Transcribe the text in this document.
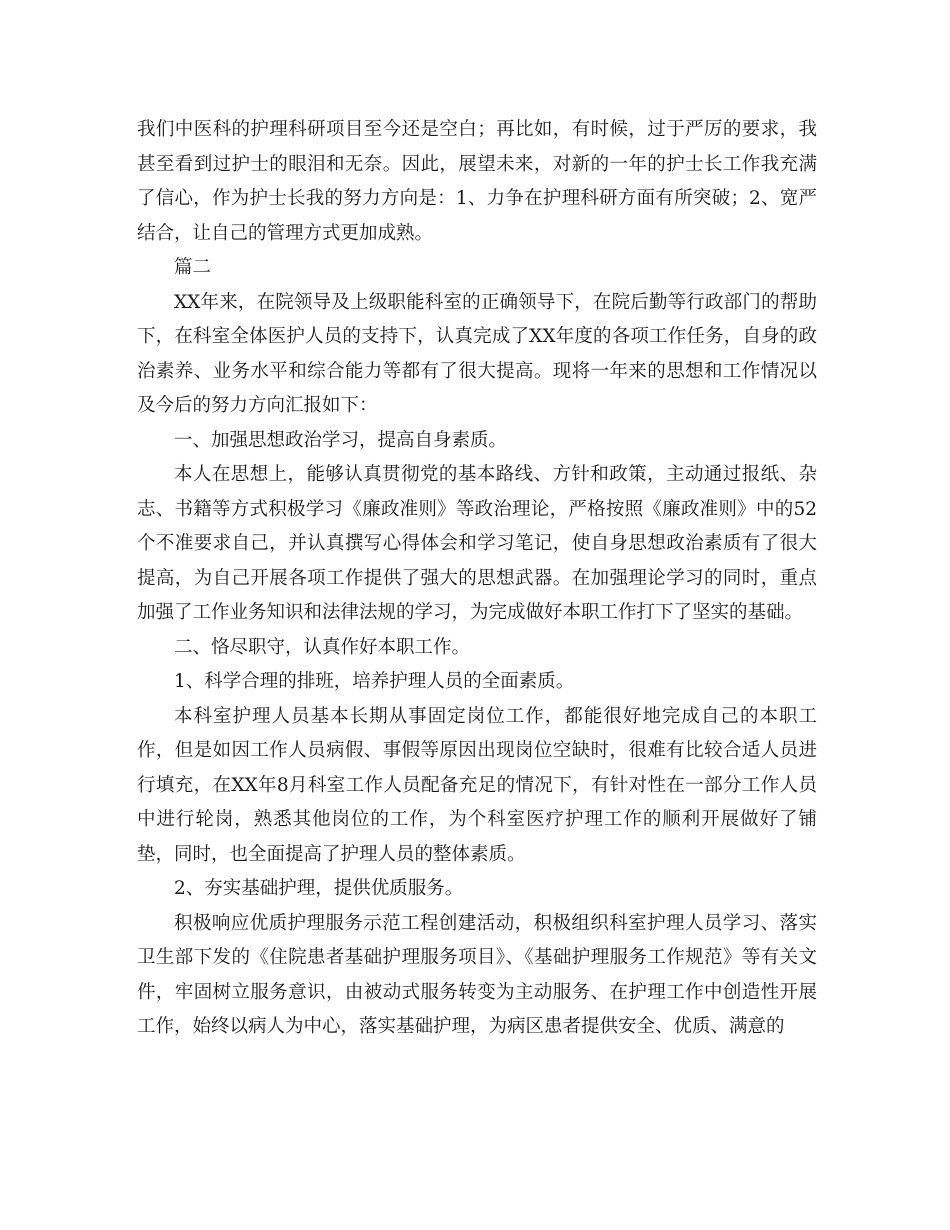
我们中医科的护理科研项目至今还是空白；再比如，有时候，过于严厉的要求，我甚至看到过护士的眼泪和无奈。因此，展望未来，对新的一年的护士长工作我充满了信心，作为护士长我的努力方向是：1、力争在护理科研方面有所突破；2、宽严结合，让自己的管理方式更加成熟。

篇二

XX年来，在院领导及上级职能科室的正确领导下，在院后勤等行政部门的帮助下，在科室全体医护人员的支持下，认真完成了XX年度的各项工作任务，自身的政治素养、业务水平和综合能力等都有了很大提高。现将一年来的思想和工作情况以及今后的努力方向汇报如下：

一、加强思想政治学习，提高自身素质。

本人在思想上，能够认真贯彻党的基本路线、方针和政策，主动通过报纸、杂志、书籍等方式积极学习《廉政准则》等政治理论，严格按照《廉政准则》中的52个不准要求自己，并认真撰写心得体会和学习笔记，使自身思想政治素质有了很大提高，为自己开展各项工作提供了强大的思想武器。在加强理论学习的同时，重点加强了工作业务知识和法律法规的学习，为完成做好本职工作打下了坚实的基础。

二、恪尽职守，认真作好本职工作。

1、科学合理的排班，培养护理人员的全面素质。

本科室护理人员基本长期从事固定岗位工作，都能很好地完成自己的本职工作，但是如因工作人员病假、事假等原因出现岗位空缺时，很难有比较合适人员进行填充，在XX年8月科室工作人员配备充足的情况下，有针对性在一部分工作人员中进行轮岗，熟悉其他岗位的工作，为个科室医疗护理工作的顺利开展做好了铺垫，同时，也全面提高了护理人员的整体素质。

2、夯实基础护理，提供优质服务。

积极响应优质护理服务示范工程创建活动，积极组织科室护理人员学习、落实卫生部下发的《住院患者基础护理服务项目》、《基础护理服务工作规范》等有关文件，牢固树立服务意识，由被动式服务转变为主动服务、在护理工作中创造性开展工作，始终以病人为中心，落实基础护理，为病区患者提供安全、优质、满意的
